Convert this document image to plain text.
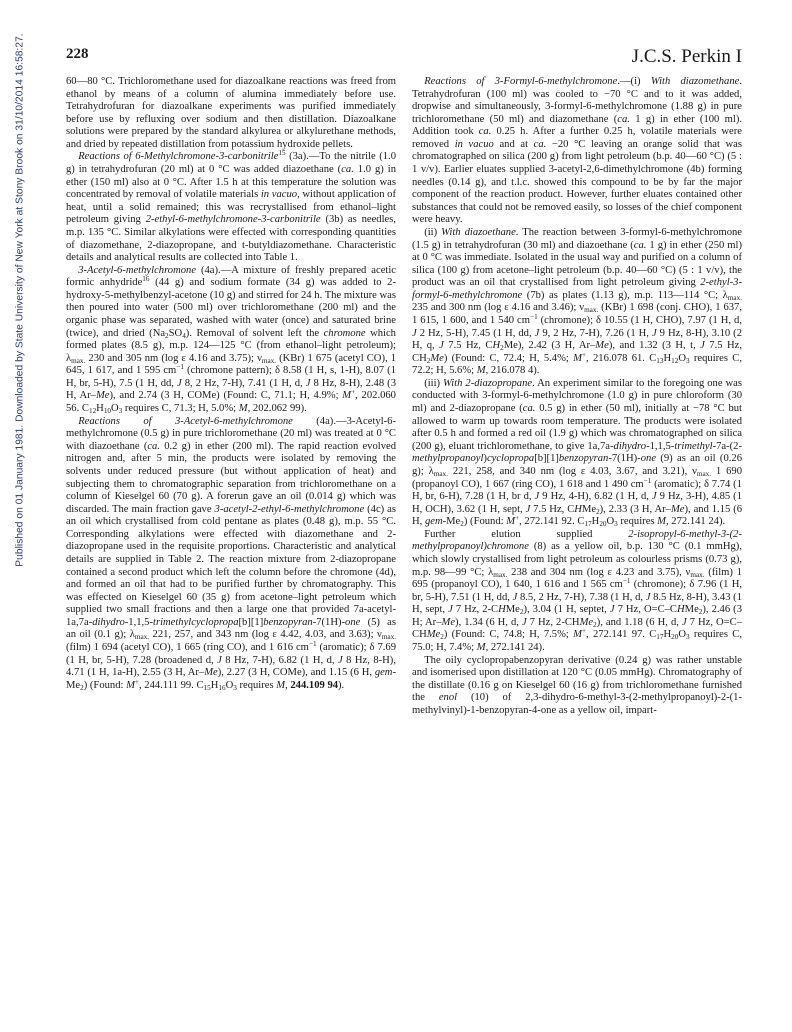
Published on 01 January 1981. Downloaded by State University of New York at Stony Brook on 31/10/2014 16:58:27.	228	J.C.S. Perkin I

60—80 °C. Trichloromethane used for diazoalkane reactions was freed from ethanol by means of a column of alumina immediately before use. Tetrahydrofuran for diazoalkane experiments was purified immediately before use by refluxing over sodium and then distillation. Diazoalkane solutions were prepared by the standard alkylurea or alkylurethane methods, and dried by repeated distillation from potassium hydroxide pellets.

Reactions of 6-Methylchromone-3-carbonitrile$^{15}$ (3a).—To the nitrile (1.0 g) in tetrahydrofuran (20 ml) at 0 °C was added diazoethane (ca. 1.0 g) in ether (150 ml) also at 0 °C. After 1.5 h at this temperature the solution was concentrated by removal of volatile materials in vacuo, without application of heat, until a solid remained; this was recrystallised from ethanol–light petroleum giving 2-ethyl-6-methylchromone-3-carbonitrile (3b) as needles, m.p. 135 °C. Similar alkylations were effected with corresponding quantities of diazomethane, 2-diazopropane, and t-butyldiazomethane. Characteristic details and analytical results are collected into Table 1.

3-Acetyl-6-methylchromone (4a).—A mixture of freshly prepared acetic formic anhydride$^{16}$ (44 g) and sodium formate (34 g) was added to 2-hydroxy-5-methylbenzyl-acetone (10 g) and stirred for 24 h. The mixture was then poured into water (500 ml) over trichloromethane (200 ml) and the organic phase was separated, washed with water (once) and saturated brine (twice), and dried $(Na_2SO_4)$. Removal of solvent left the chromone which formed plates (8.5 g), m.p. 124—125 °C (from ethanol–light petroleum); $\lambda_{max.}$ 230 and 305 nm (log ε 4.16 and 3.75); $\nu_{max.}$ (KBr) 1 675 (acetyl CO), 1 645, 1 617, and 1 595 $cm^{-1}$ (chromone pattern); δ 8.58 (1 H, s, 1-H), 8.07 (1 H, br, 5-H), 7.5 (1 H, dd, J 8, 2 Hz, 7-H), 7.41 (1 H, d, J 8 Hz, 8-H), 2.48 (3 H, Ar–Me), and 2.74 (3 H, COMe) (Found: C, 71.1; H, 4.9%; M+, 202.060 56. $C_{12}H_{10}O_3$ requires C, 71.3; H, 5.0%; M, 202.062 99).

Reactions of 3-Acetyl-6-methylchromone (4a).—3-Acetyl-6-methylchromone (0.5 g) in pure trichloromethane (20 ml) was treated at 0 °C with diazoethane (ca. 0.2 g) in ether (200 ml). The rapid reaction evolved nitrogen and, after 5 min, the products were isolated by removing the solvents under reduced pressure (but without application of heat) and subjecting them to chromatographic separation from trichloromethane on a column of Kieselgel 60 (70 g). A forerun gave an oil (0.014 g) which was discarded. The main fraction gave 3-acetyl-2-ethyl-6-methylchromone (4c) as an oil which crystallised from cold pentane as plates (0.48 g), m.p. 55 °C. Corresponding alkylations were effected with diazomethane and 2-diazopropane used in the requisite proportions. Characteristic and analytical details are supplied in Table 2. The reaction mixture from 2-diazopropane contained a second product which left the column before the chromone (4d), and formed an oil that had to be purified further by chromatography. This was effected on Kieselgel 60 (35 g) from acetone–light petroleum which supplied two small fractions and then a large one that provided 7a-acetyl-1a,7a-dihydro-1,1,5-trimethylcyclopropa[b][1]benzopyran-7(1H)-one (5) as an oil (0.1 g); $\lambda_{max.}$ 221, 257, and 343 nm (log ε 4.42, 4.03, and 3.63); $\nu_{max.}$ (film) 1 694 (acetyl CO), 1 665 (ring CO), and 1 616 $cm^{-1}$ (aromatic); δ 7.69 (1 H, br, 5-H), 7.28 (broadened d, J 8 Hz, 7-H), 6.82 (1 H, d, J 8 Hz, 8-H), 4.71 (1 H, 1a-H), 2.55 (3 H, Ar–Me), 2.27 (3 H, COMe), and 1.15 (6 H, gem-$Me_2$) (Found: M+, 244.111 99. $C_{15}H_{16}O_3$ requires M, 244.109 94).

Reactions of 3-Formyl-6-methylchromone.—(i) With diazomethane. Tetrahydrofuran (100 ml) was cooled to −70 °C and to it was added, dropwise and simultaneously, 3-formyl-6-methylchromone (1.88 g) in pure trichloromethane (50 ml) and diazomethane (ca. 1 g) in ether (100 ml). Addition took ca. 0.25 h. After a further 0.25 h, volatile materials were removed in vacuo and at ca. −20 °C leaving an orange solid that was chromatographed on silica (200 g) from light petroleum (b.p. 40—60 °C) (5 : 1 v/v). Earlier eluates supplied 3-acetyl-2,6-dimethylchromone (4b) forming needles (0.14 g), and t.l.c. showed this compound to be by far the major component of the reaction product. However, further eluates contained other substances that could not be removed easily, so losses of the chief component were heavy.

(ii) With diazoethane. The reaction between 3-formyl-6-methylchromone (1.5 g) in tetrahydrofuran (30 ml) and diazoethane (ca. 1 g) in ether (250 ml) at 0 °C was immediate. Isolated in the usual way and purified on a column of silica (100 g) from acetone–light petroleum (b.p. 40—60 °C) (5 : 1 v/v), the product was an oil that crystallised from light petroleum giving 2-ethyl-3-formyl-6-methylchromone (7b) as plates (1.13 g), m.p. 113—114 °C; $\lambda_{max.}$ 235 and 300 nm (log ε 4.16 and 3.46); $\nu_{max.}$ (KBr) 1 698 (conj. CHO), 1 637, 1 615, 1 600, and 1 540 $cm^{-1}$ (chromone); δ 10.55 (1 H, CHO), 7.97 (1 H, d, J 2 Hz, 5-H), 7.45 (1 H, dd, J 9, 2 Hz, 7-H), 7.26 (1 H, J 9 Hz, 8-H), 3.10 (2 H, q, J 7.5 Hz, $CH_2Me$), 2.42 (3 H, Ar–Me), and 1.32 (3 H, t, J 7.5 Hz, $CH_2Me$) (Found: C, 72.4; H, 5.4%; M+, 216.078 61. $C_{13}H_{12}O_3$ requires C, 72.2; H, 5.6%; M, 216.078 4).

(iii) With 2-diazopropane. An experiment similar to the foregoing one was conducted with 3-formyl-6-methylchromone (1.0 g) in pure chloroform (30 ml) and 2-diazopropane (ca. 0.5 g) in ether (50 ml), initially at −78 °C but allowed to warm up towards room temperature. The products were isolated after 0.5 h and formed a red oil (1.9 g) which was chromatographed on silica (200 g), eluant trichloromethane, to give 1a,7a-dihydro-1,1,5-trimethyl-7a-(2-methylpropanoyl)cyclopropa[b][1]benzopyran-7(1H)-one (9) as an oil (0.26 g); $\lambda_{max.}$ 221, 258, and 340 nm (log ε 4.03, 3.67, and 3.21), $\nu_{max.}$ 1 690 (propanoyl CO), 1 667 (ring CO), 1 618 and 1 490 $cm^{-1}$ (aromatic); δ 7.74 (1 H, br, 6-H), 7.28 (1 H, br d, J 9 Hz, 4-H), 6.82 (1 H, d, J 9 Hz, 3-H), 4.85 (1 H, OCH), 3.62 (1 H, sept, J 7.5 Hz, CHMe$_2$), 2.33 (3 H, Ar–Me), and 1.15 (6 H, gem-$Me_2$) (Found: M+, 272.141 92. $C_{17}H_{20}O_3$ requires M, 272.141 24).

Further elution supplied 2-isopropyl-6-methyl-3-(2-methylpropanoyl)chromone (8) as a yellow oil, b.p. 130 °C (0.1 mmHg), which slowly crystallised from light petroleum as colourless prisms (0.73 g), m.p. 98—99 °C; $\lambda_{max.}$ 238 and 304 nm (log ε 4.23 and 3.75), $\nu_{max.}$ (film) 1 695 (propanoyl CO), 1 640, 1 616 and 1 565 $cm^{-1}$ (chromone); δ 7.96 (1 H, br, 5-H), 7.51 (1 H, dd, J 8.5, 2 Hz, 7-H), 7.38 (1 H, d, J 8.5 Hz, 8-H), 3.43 (1 H, sept, J 7 Hz, 2-CHMe$_2$), 3.04 (1 H, septet, J 7 Hz, O=C–CHMe$_2$), 2.46 (3 H; Ar–Me), 1.34 (6 H, d, J 7 Hz, 2-CHMe$_2$), and 1.18 (6 H, d, J 7 Hz, O=C–CHMe$_2$) (Found: C, 74.8; H, 7.5%; M+, 272.141 97. $C_{17}H_{20}O_3$ requires C, 75.0; H, 7.4%; M, 272.141 24).

The oily cyclopropabenzopyran derivative (0.24 g) was rather unstable and isomerised upon distillation at 120 °C (0.05 mmHg). Chromatography of the distillate (0.16 g on Kieselgel 60 (16 g) from trichloromethane furnished the enol (10) of 2,3-dihydro-6-methyl-3-(2-methylpropanoyl)-2-(1-methylvinyl)-1-benzopyran-4-one as a yellow oil, impart-
